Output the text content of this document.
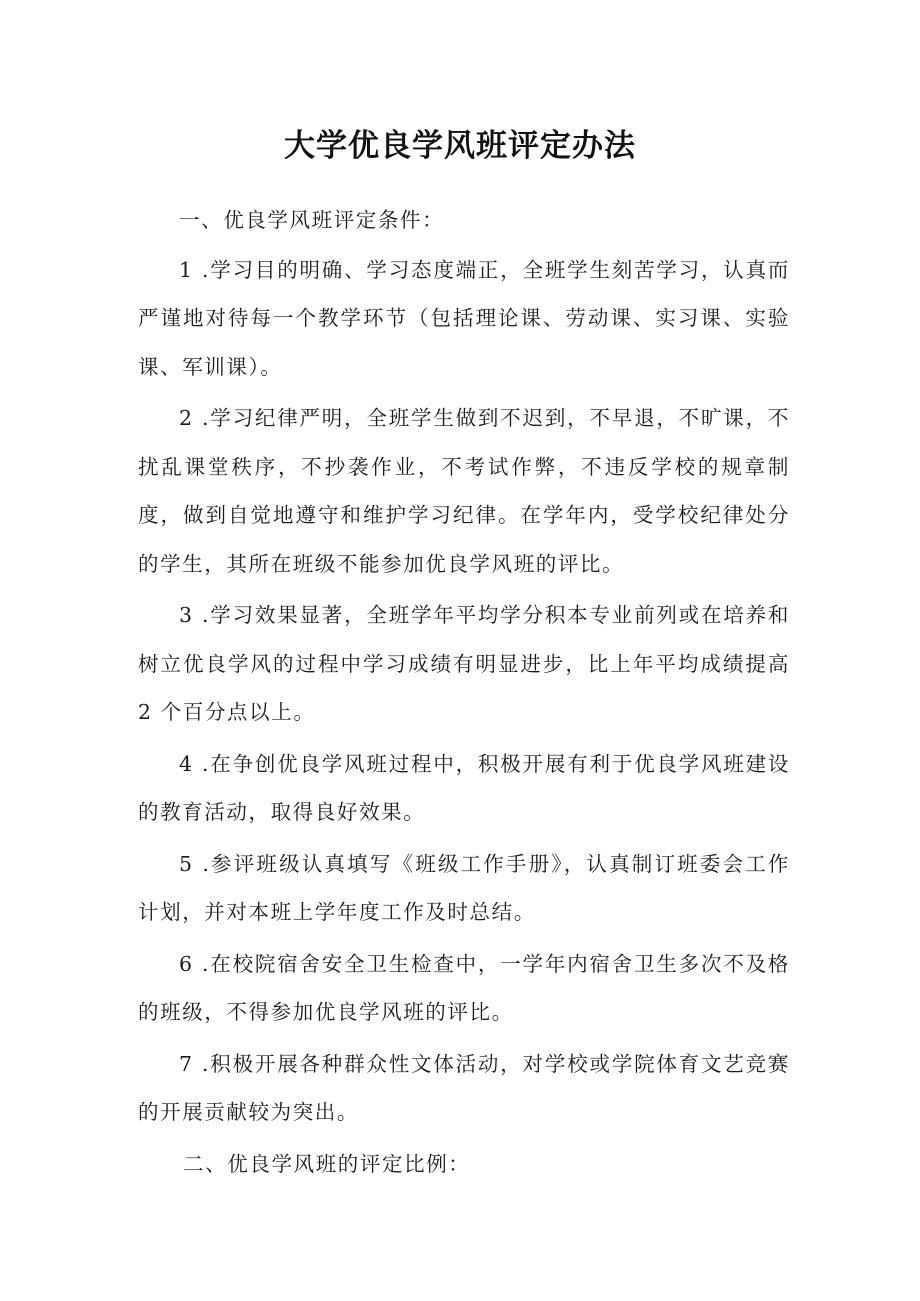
大学优良学风班评定办法

一、优良学风班评定条件：

1 .学习目的明确、学习态度端正，全班学生刻苦学习，认真而严谨地对待每一个教学环节（包括理论课、劳动课、实习课、实验课、军训课）。

2 .学习纪律严明，全班学生做到不迟到，不早退，不旷课，不扰乱课堂秩序，不抄袭作业，不考试作弊，不违反学校的规章制度，做到自觉地遵守和维护学习纪律。在学年内，受学校纪律处分的学生，其所在班级不能参加优良学风班的评比。

3 .学习效果显著，全班学年平均学分积本专业前列或在培养和树立优良学风的过程中学习成绩有明显进步，比上年平均成绩提高 2 个百分点以上。

4 .在争创优良学风班过程中，积极开展有利于优良学风班建设的教育活动，取得良好效果。

5 .参评班级认真填写《班级工作手册》，认真制订班委会工作计划，并对本班上学年度工作及时总结。

6 .在校院宿舍安全卫生检查中，一学年内宿舍卫生多次不及格的班级，不得参加优良学风班的评比。

7 .积极开展各种群众性文体活动，对学校或学院体育文艺竞赛的开展贡献较为突出。

二、优良学风班的评定比例：
